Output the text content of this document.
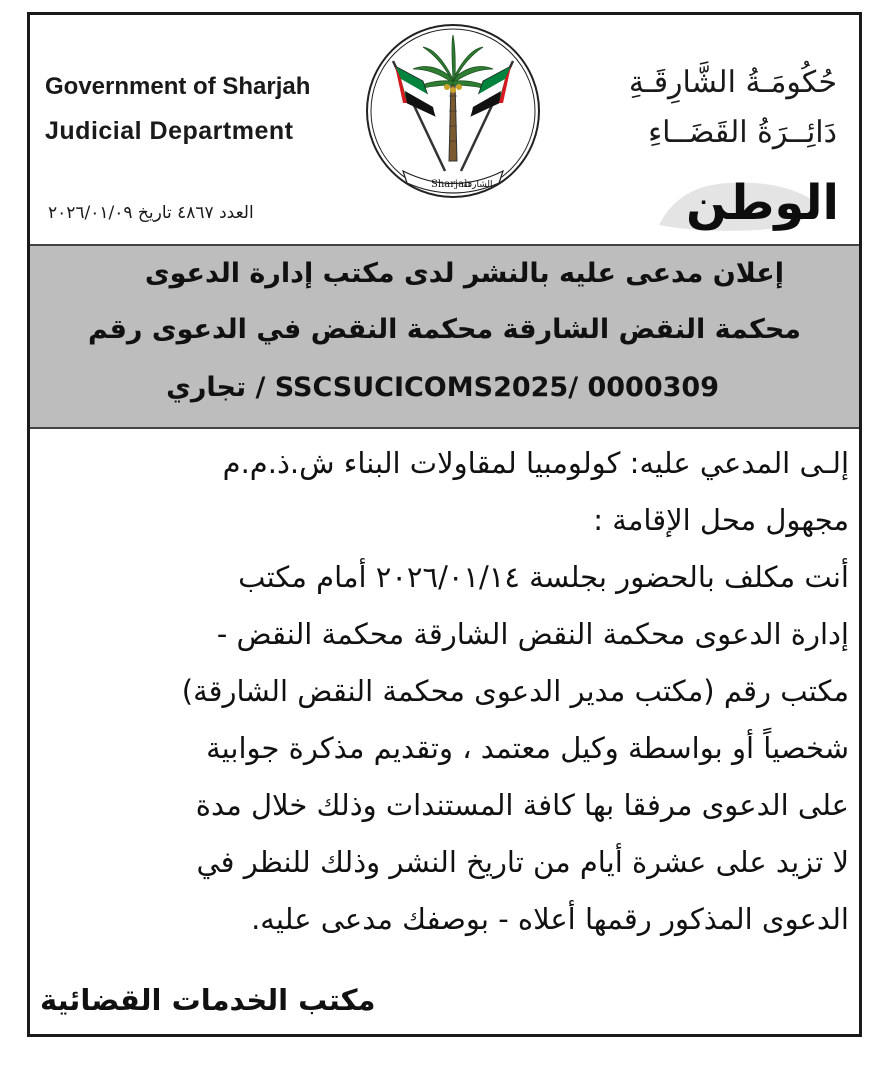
Government of Sharjah
Judicial Department
Sharjah
الشارقة
حُكُومَـةُ الشَّارِقَـةِ
دَائِــرَةُ القَضَــاءِ
الوطن
العدد ٤٨٦٧ تاريخ ٢٠٢٦/٠١/٠٩
إعلان مدعى عليه بالنشر لدى مكتب إدارة الدعوى
محكمة النقض الشارقة محكمة النقض في الدعوى رقم
SSCSUCICOMS2025/ 0000309 / تجاري

إلـى المدعي عليه: كولومبيا لمقاولات البناء ش.ذ.م.م

مجهول محل الإقامة :

أنت مكلف بالحضور بجلسة ٢٠٢٦/٠١/١٤ أمام مكتب

إدارة الدعوى محكمة النقض الشارقة محكمة النقض -

مكتب رقم (مكتب مدير الدعوى محكمة النقض الشارقة)

شخصياً أو بواسطة وكيل معتمد ، وتقديم مذكرة جوابية

على الدعوى مرفقا بها كافة المستندات وذلك خلال مدة

لا تزيد على عشرة أيام من تاريخ النشر وذلك للنظر في

الدعوى المذكور رقمها أعلاه - بوصفك مدعى عليه.

مكتب الخدمات القضائية
